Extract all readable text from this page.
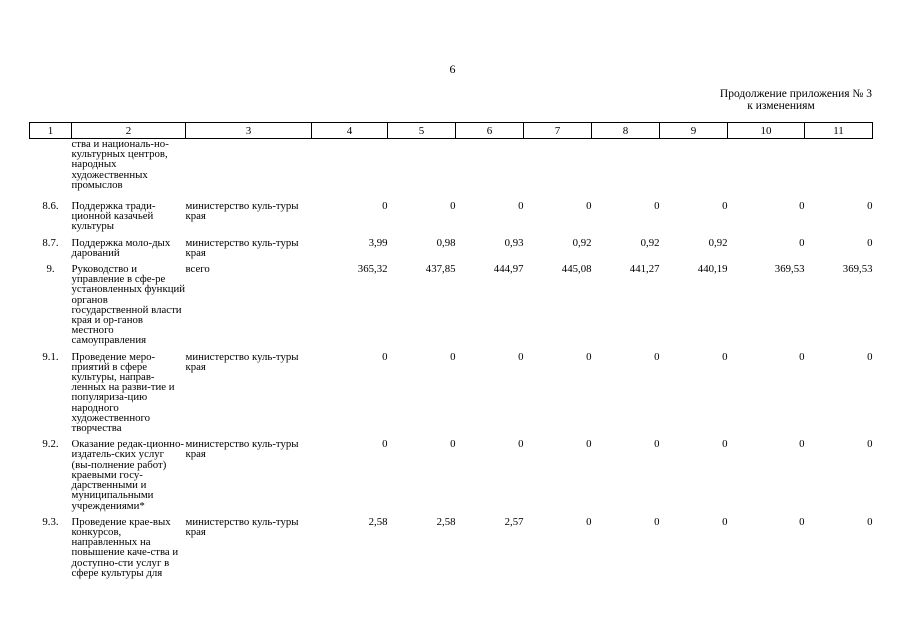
6
Продолжение приложения № 3
к изменениям
1	2	3	4	5	6	7	8	9	10	11
	ства и националь-но-культурных центров, народных художественных промыслов									
8.6.	Поддержка тради-ционной казачьей культуры	министерство куль-туры края	0	0	0	0	0	0	0	0
8.7.	Поддержка моло-дых дарований	министерство куль-туры края	3,99	0,98	0,93	0,92	0,92	0,92	0	0
9.	Руководство и управление в сфе-ре установленных функций органов государственной власти края и ор-ганов местного самоуправления	всего	365,32	437,85	444,97	445,08	441,27	440,19	369,53	369,53
9.1.	Проведение меро-приятий в сфере культуры, направ-ленных на разви-тие и популяриза-цию народного художественного творчества	министерство куль-туры края	0	0	0	0	0	0	0	0
9.2.	Оказание редак-ционно-издатель-ских услуг (вы-полнение работ) краевыми госу-дарственными и муниципальными учреждениями*	министерство куль-туры края	0	0	0	0	0	0	0	0
9.3.	Проведение крае-вых конкурсов, направленных на повышение каче-ства и доступно-сти услуг в сфере культуры для	министерство куль-туры края	2,58	2,58	2,57	0	0	0	0	0
